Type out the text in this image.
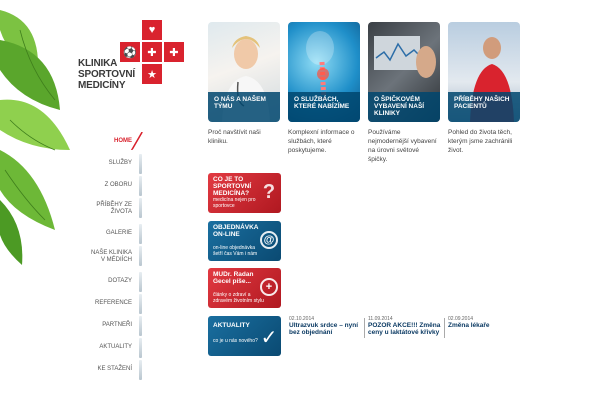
♥
⚽ ✚	✚
★
KLINIKA
SPORTOVNÍ
MEDICÍNY
HOME
SLUŽBY
Z OBORU
PŘÍBĚHY ZE ŽIVOTA
GALERIE
NAŠE KLINIKA V MÉDIÍCH
DOTAZY
REFERENCE
PARTNEŘI
AKTUALITY
KE STAŽENÍ
O NÁS A NAŠEM TÝMU
Proč navštívit naši kliniku.
O SLUŽBÁCH, KTERÉ NABÍZÍME
Komplexní informace o službách, které poskytujeme.
O ŠPIČKOVÉM VYBAVENÍ NAŠÍ KLINIKY
Používáme nejmodernější vybavení na úrovni světové špičky.
PŘÍBĚHY NAŠICH PACIENTŮ
Pohled do života těch, kterým jsme zachránili život.
CO JE TO SPORTOVNÍ MEDICÍNA?
medicína nejen pro sportovce
?
OBJEDNÁVKA ON-LINE
on-line objednávka šetří čas Vám i nám
@
MUDr. Radan Gecel píše...
články o zdraví a zdravém životním stylu
+
AKTUALITY
co je u nás nového? ✓
02.10.2014
Ultrazvuk srdce – nyní bez objednání
11.09.2014
POZOR AKCE!!! Změna ceny u laktátové křivky
02.09.2014
Změna lékaře
